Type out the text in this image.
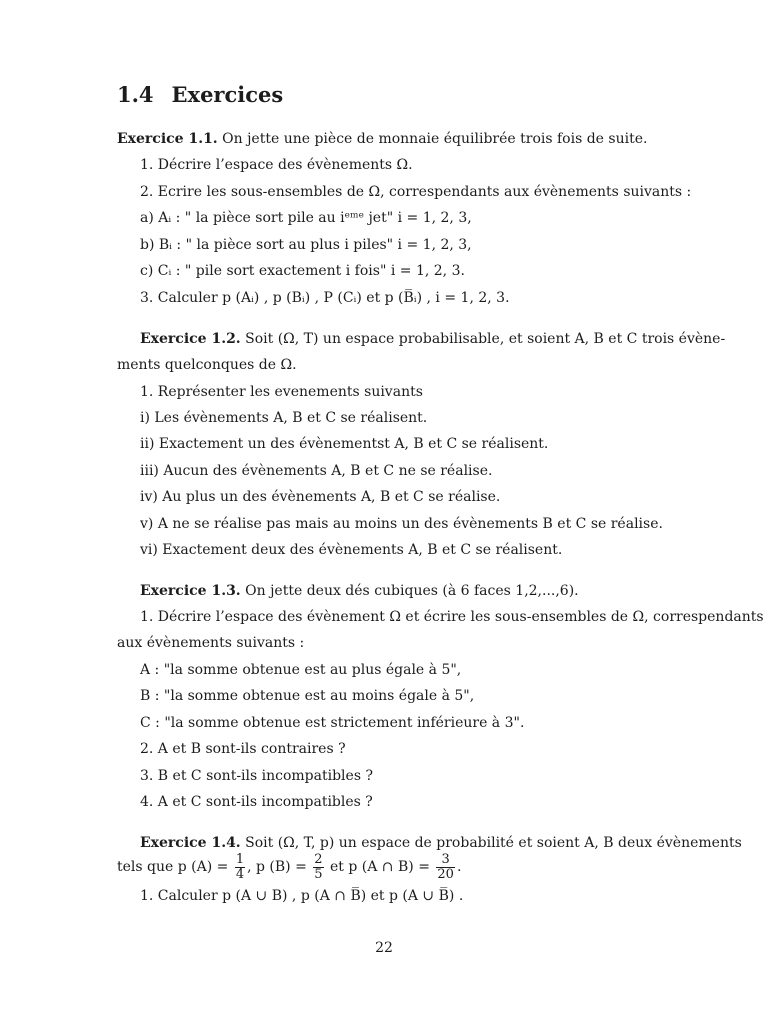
1.4 Exercices
Exercice 1.1. On jette une pièce de monnaie équilibrée trois fois de suite.
1. Décrire l’espace des évènements Ω.
2. Ecrire les sous-ensembles de Ω, correspendants aux évènements suivants :
a) Aᵢ : " la pièce sort pile au iᵉᵐᵉ jet" i = 1, 2, 3,
b) Bᵢ : " la pièce sort au plus i piles" i = 1, 2, 3,
c) Cᵢ : " pile sort exactement i fois" i = 1, 2, 3.
3. Calculer p (Aᵢ) , p (Bᵢ) , P (Cᵢ) et p (B̅ᵢ) , i = 1, 2, 3.
Exercice 1.2. Soit (Ω, T) un espace probabilisable, et soient A, B et C trois évène-
ments quelconques de Ω.
1. Représenter les evenements suivants
i) Les évènements A, B et C se réalisent.
ii) Exactement un des évènementst A, B et C se réalisent.
iii) Aucun des évènements A, B et C ne se réalise.
iv) Au plus un des évènements A, B et C se réalise.
v) A ne se réalise pas mais au moins un des évènements B et C se réalise.
vi) Exactement deux des évènements A, B et C se réalisent.
Exercice 1.3. On jette deux dés cubiques (à 6 faces 1,2,...,6).
1. Décrire l’espace des évènement Ω et écrire les sous-ensembles de Ω, correspendants
aux évènements suivants :
A : "la somme obtenue est au plus égale à 5",
B : "la somme obtenue est au moins égale à 5",
C : "la somme obtenue est strictement inférieure à 3".
2. A et B sont-ils contraires ?
3. B et C sont-ils incompatibles ?
4. A et C sont-ils incompatibles ?
Exercice 1.4. Soit (Ω, T, p) un espace de probabilité et soient A, B deux évènements
tels que p $(A) = \frac{1}{4}$ , p $(B) = \frac{2}{5}$ et p (A ∩ $B) = \frac{3}{20}$ .
1. Calculer p (A ∪ B) , p (A ∩ B̅) et p (A ∪ B̅) .
22
